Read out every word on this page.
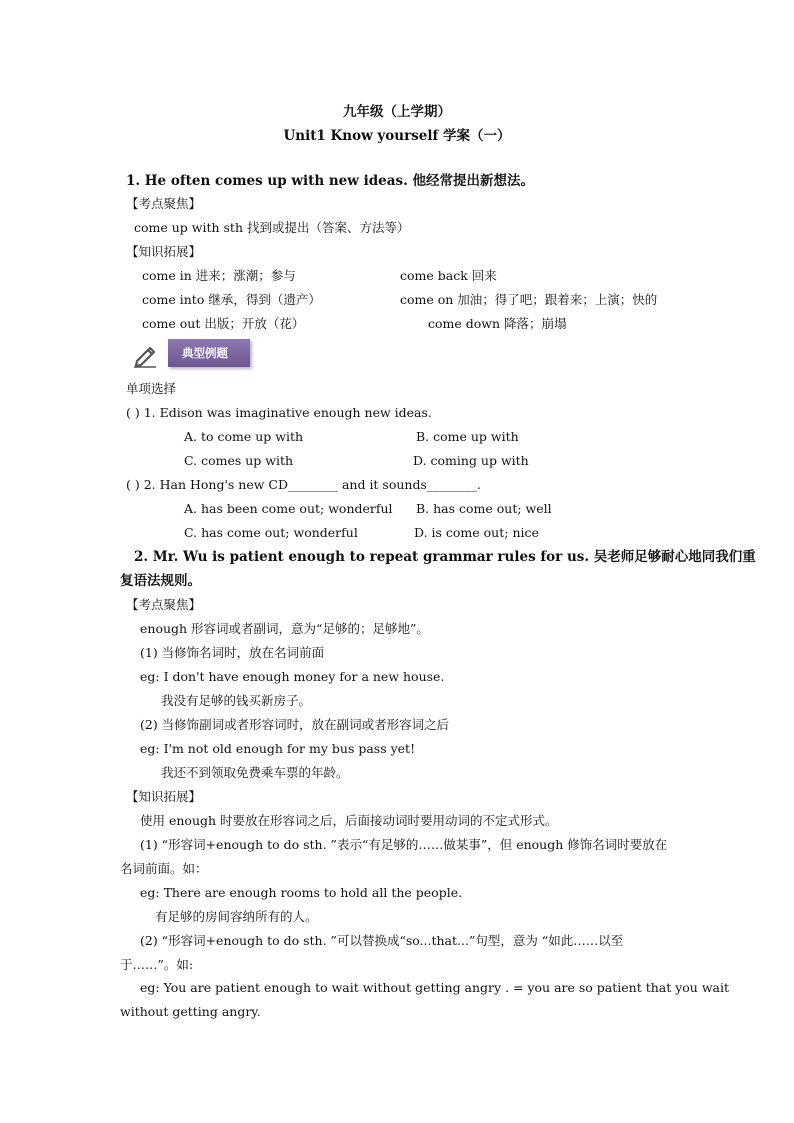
九年级（上学期）
Unit1 Know yourself 学案（一）
1. He often comes up with new ideas. 他经常提出新想法。
【考点聚焦】
come up with sth 找到或提出（答案、方法等）
【知识拓展】
come in 进来；涨潮；参与	come back 回来
come into 继承，得到（遗产）	come on 加油；得了吧；跟着来；上演；快的
come out 出版；开放（花）	come down 降落；崩塌
典型例题
单项选择
( ) 1. Edison was imaginative enough new ideas.
A. to come up with	B. come up with
C. comes up with	D. coming up with
( ) 2. Han Hong's new CD________ and it sounds________.
A. has been come out; wonderful B. has come out; well
C. has come out; wonderful	D. is come out; nice
2. Mr. Wu is patient enough to repeat grammar rules for us. 吴老师足够耐心地同我们重
复语法规则。
【考点聚焦】
enough 形容词或者副词，意为“足够的；足够地”。
(1) 当修饰名词时，放在名词前面
eg: I don't have enough money for a new house.
我没有足够的钱买新房子。
(2) 当修饰副词或者形容词时，放在副词或者形容词之后
eg: I'm not old enough for my bus pass yet!
我还不到领取免费乘车票的年龄。
【知识拓展】
使用 enough 时要放在形容词之后，后面接动词时要用动词的不定式形式。
(1) “形容词+enough to do sth. ”表示“有足够的……做某事”，但 enough 修饰名词时要放在
名词前面。如：
eg: There are enough rooms to hold all the people.
有足够的房间容纳所有的人。
(2) “形容词+enough to do sth. ”可以替换成“so...that...”句型，意为 “如此……以至
于……”。如:
eg: You are patient enough to wait without getting angry . = you are so patient that you wait
without getting angry.
